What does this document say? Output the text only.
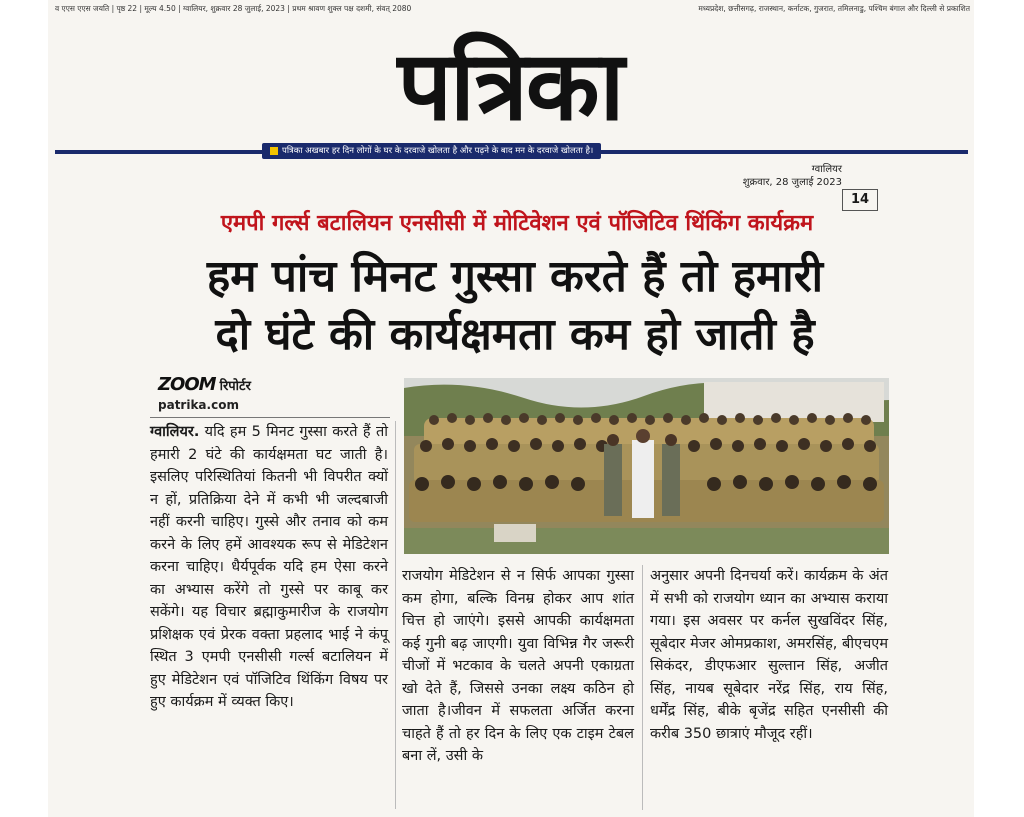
व एएस एएस जयति | पृष्ठ 22 | मूल्य 4.50 | ग्वालियर, शुक्रवार 28 जुलाई, 2023 | प्रथम श्रावण शुक्ल पक्ष दशमी, संवत् 2080	मध्यप्रदेश, छत्तीसगढ़, राजस्थान, कर्नाटक, गुजरात, तमिलनाडु, पश्चिम बंगाल और दिल्ली से प्रकाशित
पत्रिका
पत्रिका अखबार हर दिन लोगों के घर के दरवाजे खोलता है और पढ़ने के बाद मन के दरवाजे खोलता है।
ग्वालियर
शुक्रवार, 28 जुलाई 2023
14
एमपी गर्ल्स बटालियन एनसीसी में मोटिवेशन एवं पॉजिटिव थिंकिंग कार्यक्रम
हम पांच मिनट गुस्सा करते हैं तो हमारी
दो घंटे की कार्यक्षमता कम हो जाती है
ZOOM रिपोर्टर
patrika.com
ग्वालियर. यदि हम 5 मिनट गुस्सा करते हैं तो हमारी 2 घंटे की कार्यक्षमता घट जाती है। इसलिए परिस्थितियां कितनी भी विपरीत क्यों न हों, प्रतिक्रिया देने में कभी भी जल्दबाजी नहीं करनी चाहिए। गुस्से और तनाव को कम करने के लिए हमें आवश्यक रूप से मेडिटेशन करना चाहिए। धैर्यपूर्वक यदि हम ऐसा करने का अभ्यास करेंगे तो गुस्से पर काबू कर सकेंगे। यह विचार ब्रह्माकुमारीज के राजयोग प्रशिक्षक एवं प्रेरक वक्ता प्रहलाद भाई ने कंपू स्थित 3 एमपी एनसीसी गर्ल्स बटालियन में हुए मेडिटेशन एवं पॉजिटिव थिंकिंग विषय पर हुए कार्यक्रम में व्यक्त किए।
राजयोग मेडिटेशन से न सिर्फ आपका गुस्सा कम होगा, बल्कि विनम्र होकर आप शांत चित्त हो जाएंगे। इससे आपकी कार्यक्षमता कई गुनी बढ़ जाएगी। युवा विभिन्न गैर जरूरी चीजों में भटकाव के चलते अपनी एकाग्रता खो देते हैं, जिससे उनका लक्ष्य कठिन हो जाता है।जीवन में सफलता अर्जित करना चाहते हैं तो हर दिन के लिए एक टाइम टेबल बना लें, उसी के
अनुसार अपनी दिनचर्या करें। कार्यक्रम के अंत में सभी को राजयोग ध्यान का अभ्यास कराया गया। इस अवसर पर कर्नल सुखविंदर सिंह, सूबेदार मेजर ओमप्रकाश, अमरसिंह, बीएचएम सिकंदर, डीएफआर सुल्तान सिंह, अजीत सिंह, नायब सूबेदार नरेंद्र सिंह, राय सिंह, धर्मेंद्र सिंह, बीके बृजेंद्र सहित एनसीसी की करीब 350 छात्राएं मौजूद रहीं।
